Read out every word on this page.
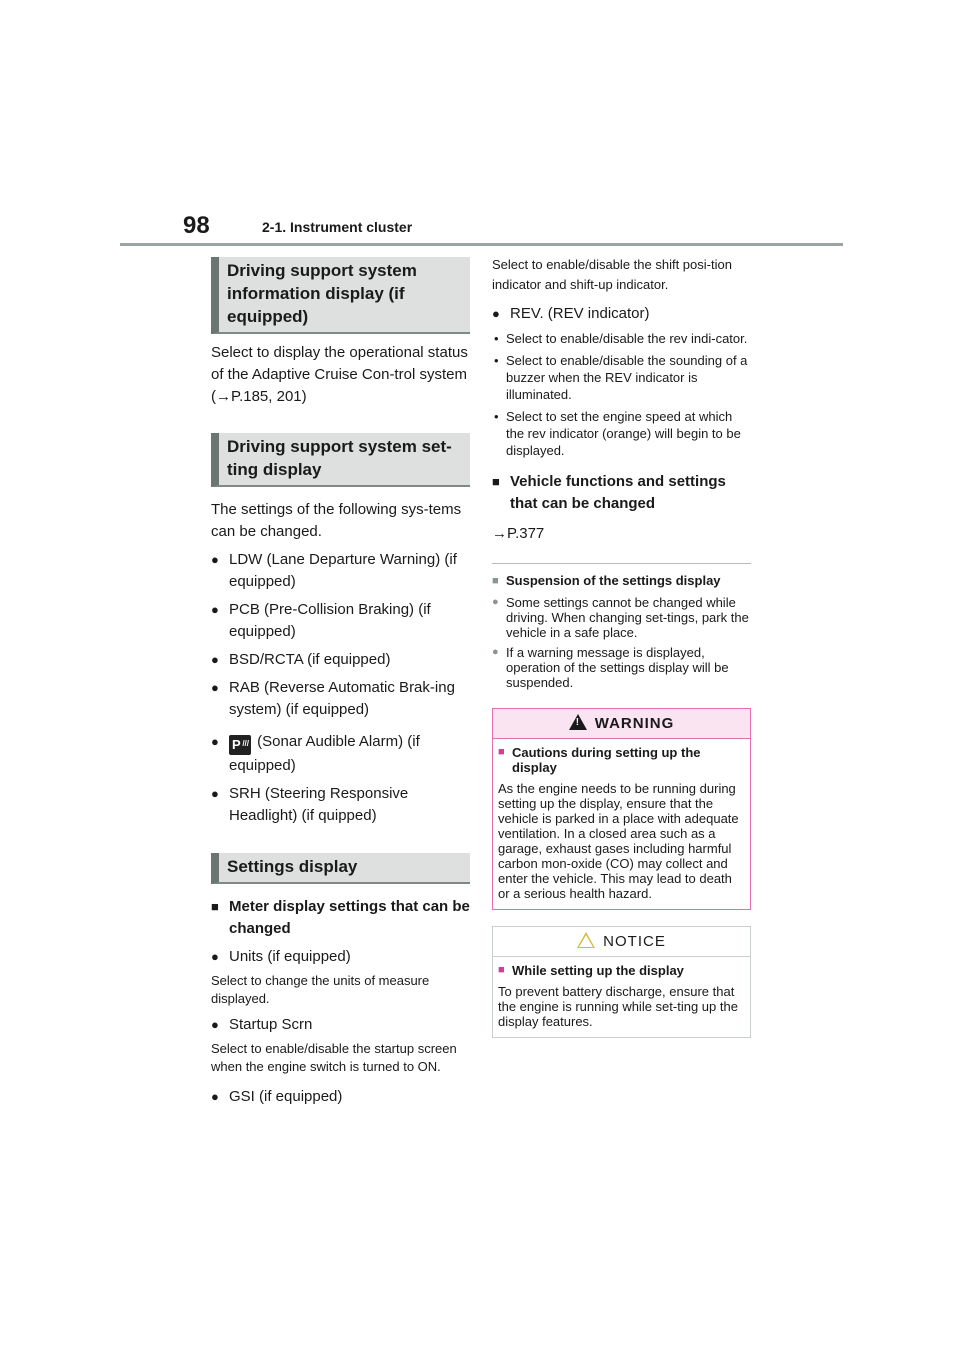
98	2-1. Instrument cluster
Driving support system information display (if equipped)

Select to display the operational status of the Adaptive Cruise Con-trol system (→P.185, 201)

Driving support system set-ting display

The settings of the following sys-tems can be changed.

● LDW (Lane Departure Warning) (if equipped)
● PCB (Pre-Collision Braking) (if equipped)
● BSD/RCTA (if equipped)
● RAB (Reverse Automatic Brak-ing system) (if equipped)
● P /// (Sonar Audible Alarm) (if equipped)
● SRH (Steering Responsive Headlight) (if quipped)
Settings display
■ Meter display settings that can be changed
● Units (if equipped)

Select to change the units of measure displayed.

● Startup Scrn

Select to enable/disable the startup screen when the engine switch is turned to ON.

● GSI (if equipped)

Select to enable/disable the shift posi-tion indicator and shift-up indicator.

● REV. (REV indicator)
• Select to enable/disable the rev indi-cator.
• Select to enable/disable the sounding of a buzzer when the REV indicator is illuminated.
• Select to set the engine speed at which the rev indicator (orange) will begin to be displayed.
■ Vehicle functions and settings that can be changed
→P.377
■ Suspension of the settings display
● Some settings cannot be changed while driving. When changing set-tings, park the vehicle in a safe place.
● If a warning message is displayed, operation of the settings display will be suspended.
!WARNING
■ Cautions during setting up the display

As the engine needs to be running during setting up the display, ensure that the vehicle is parked in a place with adequate ventilation. In a closed area such as a garage, exhaust gases including harmful carbon mon-oxide (CO) may collect and enter the vehicle. This may lead to death or a serious health hazard.

NOTICE
■ While setting up the display

To prevent battery discharge, ensure that the engine is running while set-ting up the display features.
